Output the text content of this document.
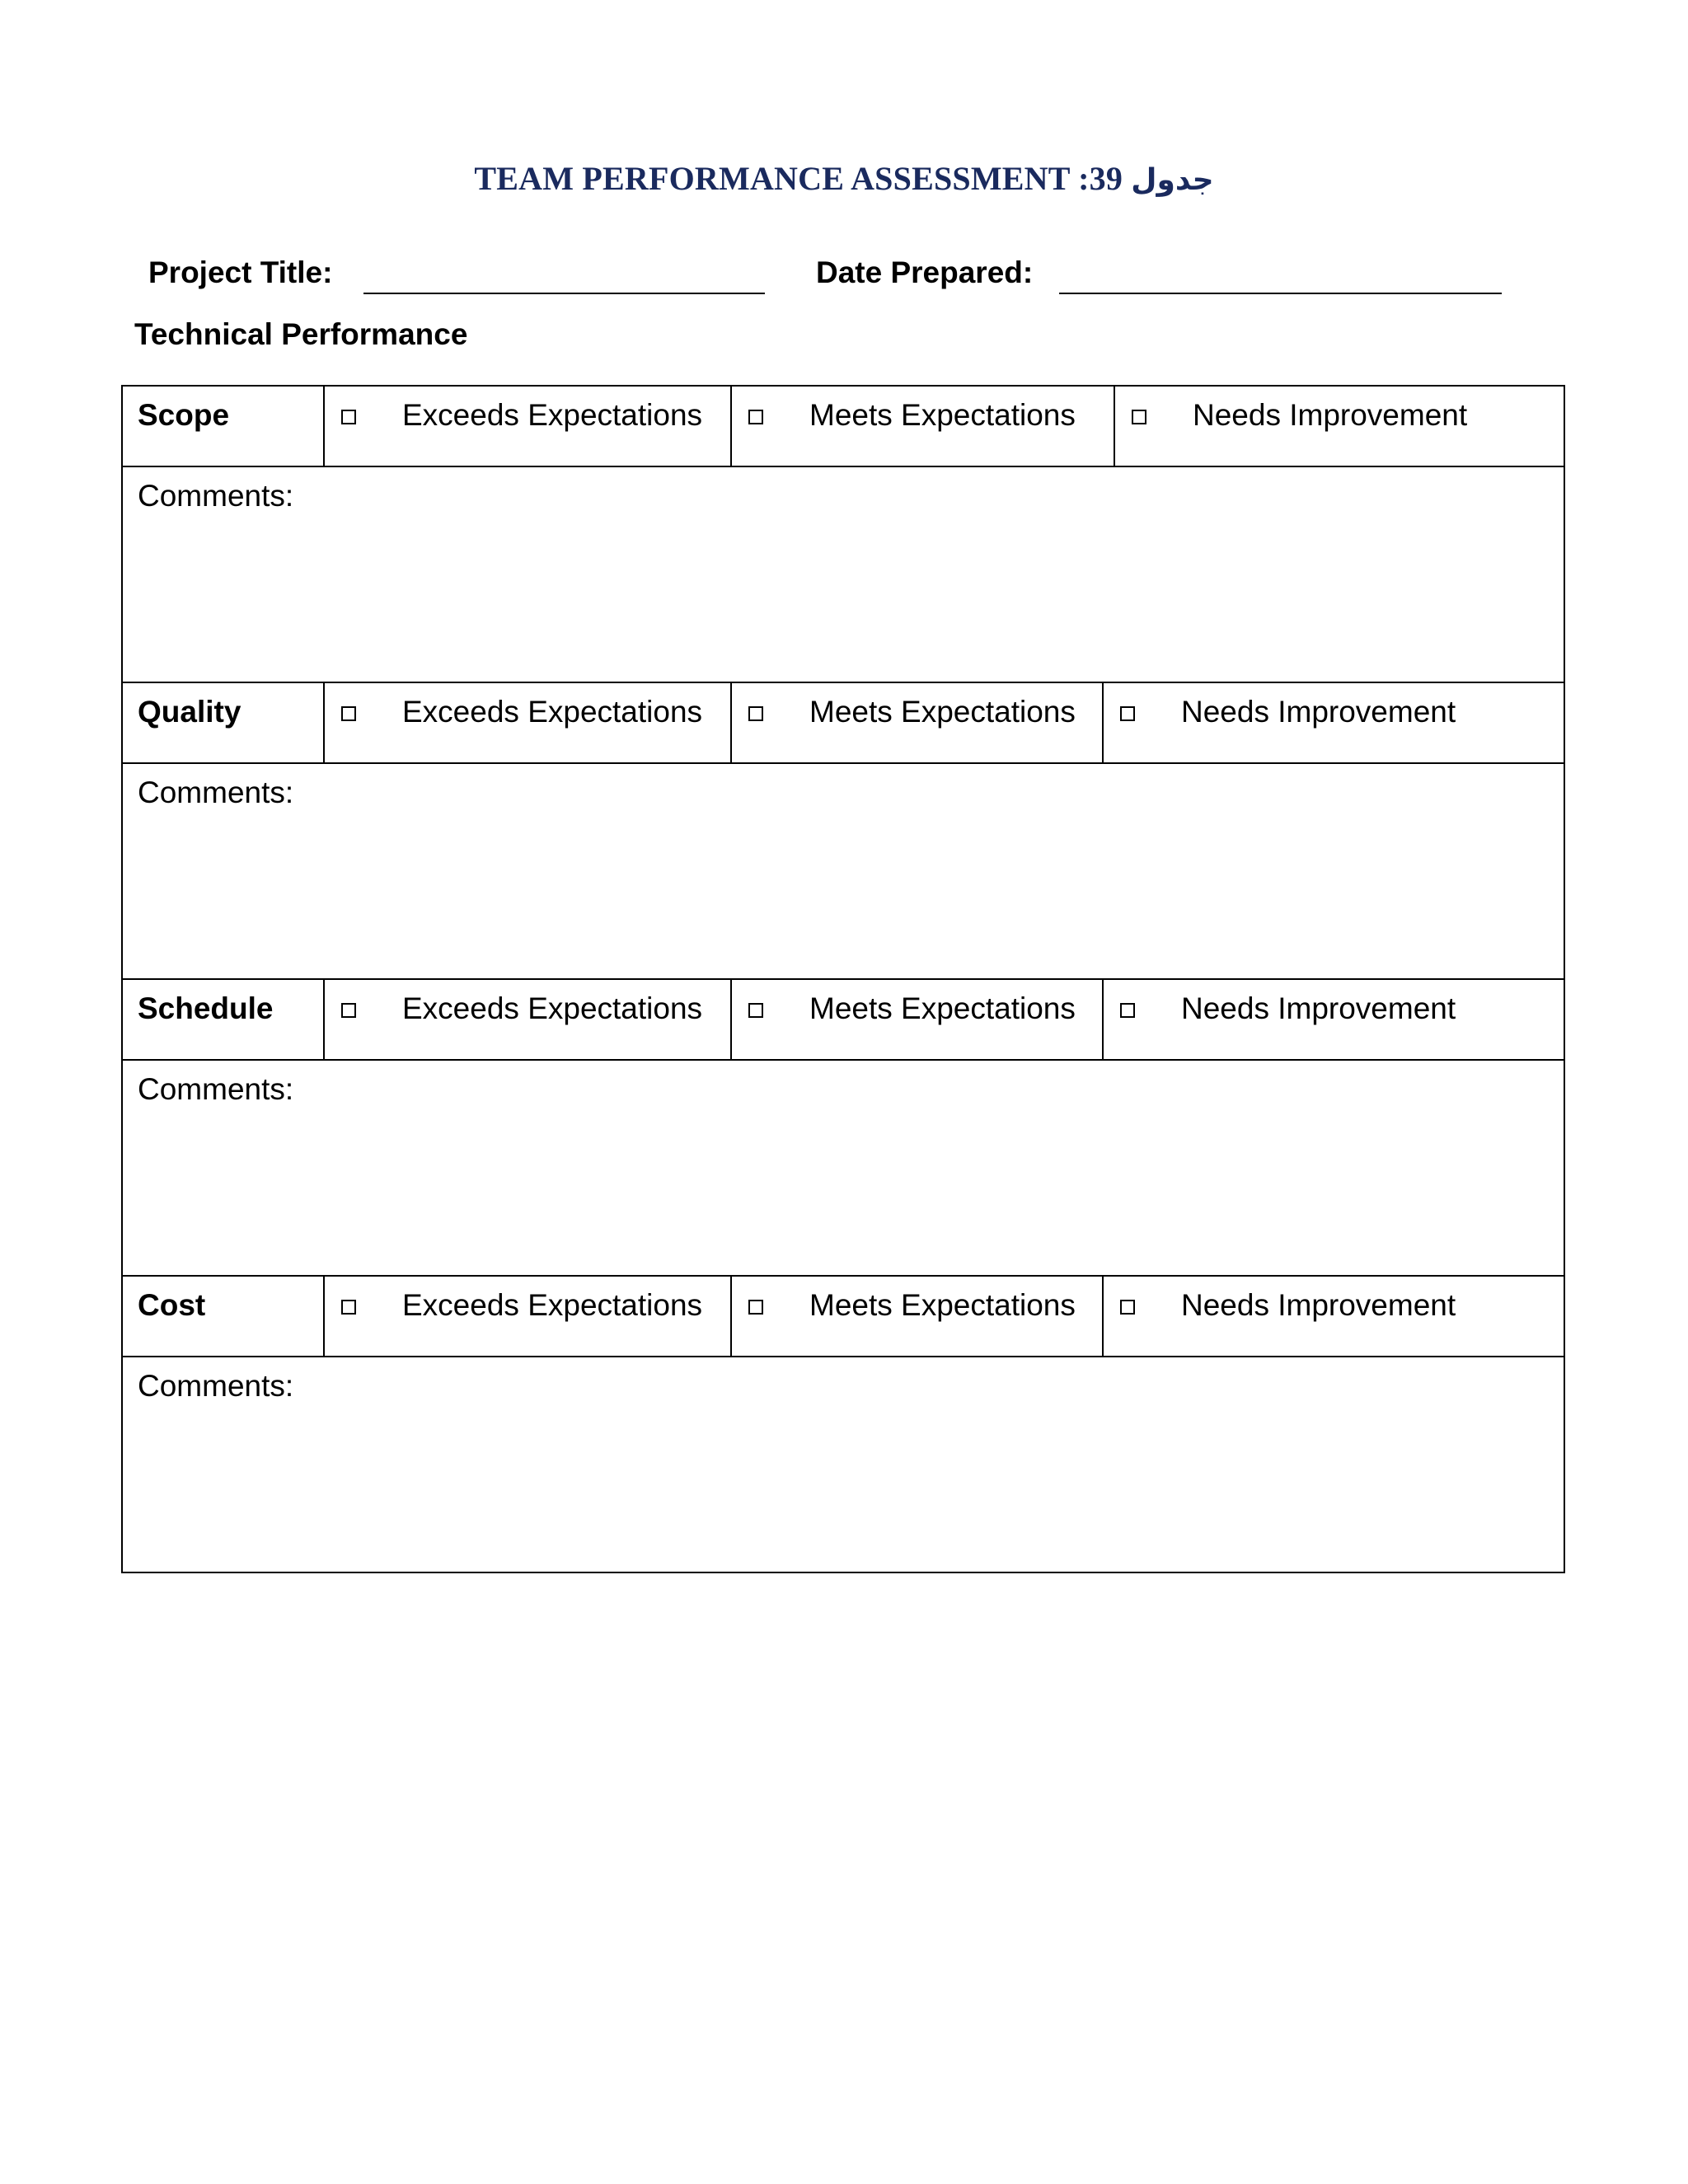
TEAM PERFORMANCE ASSESSMENT :39 جدول
Project Title:	Date Prepared:
Technical Performance
Scope	Exceeds Expectations	Meets Expectations	Needs Improvement
Comments:
Quality	Exceeds Expectations	Meets Expectations	Needs Improvement
Comments:
Schedule	Exceeds Expectations	Meets Expectations	Needs Improvement
Comments:
Cost	Exceeds Expectations	Meets Expectations	Needs Improvement
Comments:
